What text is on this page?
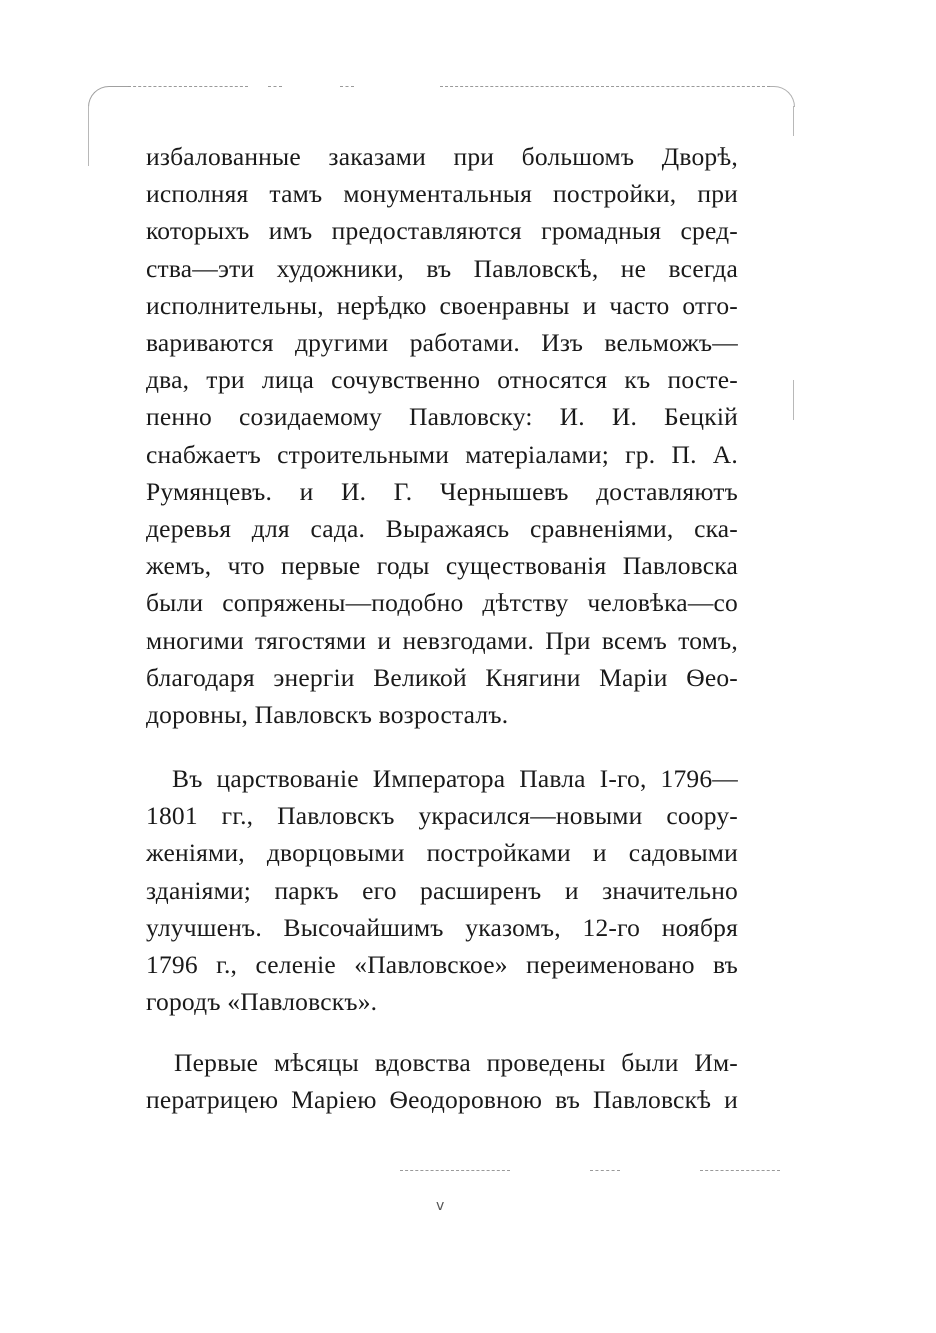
избалованные заказами при большомъ Дворѣ,
исполняя тамъ монументальныя постройки, при
которыхъ имъ предоставляются громадныя сред-
ства—эти художники, въ Павловскѣ, не всегда
исполнительны, нерѣдко своенравны и часто отго-
вариваются другими работами. Изъ вельможъ—
два, три лица сочувственно относятся къ посте-
пенно созидаемому Павловску: И. И. Бецкій
снабжаетъ строительными матеріалами; гр. П. А.
Румянцевъ. и И. Г. Чернышевъ доставляютъ
деревья для сада. Выражаясь сравненіями, ска-
жемъ, что первые годы существованія Павловска
были сопряжены—подобно дѣтству человѣка—со
многими тягостями и невзгодами. При всемъ томъ,
благодаря энергіи Великой Княгини Маріи Ѳео-
доровны, Павловскъ возросталъ.
Въ царствованіе Императора Павла I-го, 1796—
1801 гг., Павловскъ украсился—новыми соору-
женіями, дворцовыми постройками и садовыми
зданіями; паркъ его расширенъ и значительно
улучшенъ. Высочайшимъ указомъ, 12-го ноября
1796 г., селеніе «Павловское» переименовано въ
городъ «Павловскъ».
Первые мѣсяцы вдовства проведены были Им-
ператрицею Маріею Ѳеодоровною въ Павловскѣ и
v
